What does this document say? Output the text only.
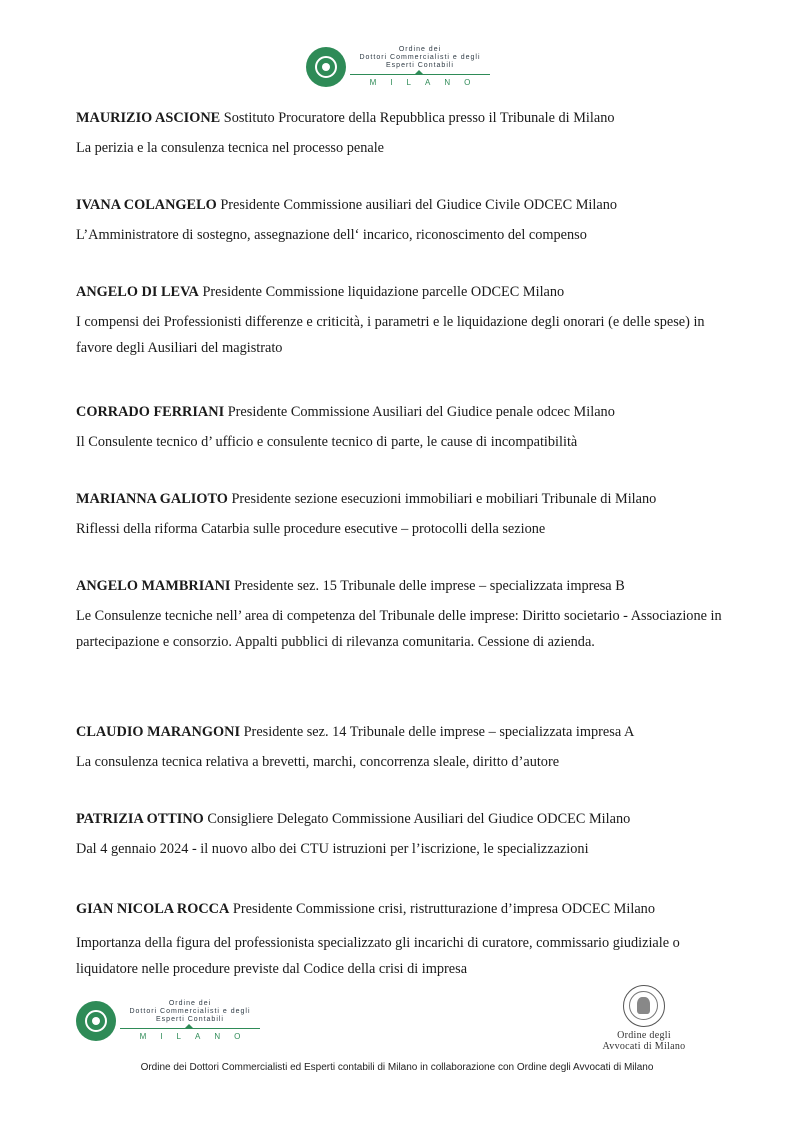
Ordine dei
Dottori Commercialisti e degli
Esperti Contabili
MILANO
MAURIZIO ASCIONE Sostituto Procuratore della Repubblica presso il Tribunale di Milano
La perizia e la consulenza tecnica nel processo penale
IVANA COLANGELO Presidente Commissione ausiliari del Giudice Civile ODCEC Milano
L’Amministratore di sostegno, assegnazione dell‘ incarico, riconoscimento del compenso
ANGELO DI LEVA Presidente Commissione liquidazione parcelle ODCEC Milano
I compensi dei Professionisti differenze e criticità, i parametri e le liquidazione degli onorari (e delle spese) in favore degli Ausiliari del magistrato
CORRADO FERRIANI Presidente Commissione Ausiliari del Giudice penale odcec Milano
Il Consulente tecnico d’ ufficio e consulente tecnico di parte, le cause di incompatibilità
MARIANNA GALIOTO Presidente sezione esecuzioni immobiliari e mobiliari Tribunale di Milano
Riflessi della riforma Catarbia sulle procedure esecutive – protocolli della sezione
ANGELO MAMBRIANI Presidente sez. 15 Tribunale delle imprese – specializzata impresa B
Le Consulenze tecniche nell’ area di competenza del Tribunale delle imprese: Diritto societario - Associazione in partecipazione e consorzio. Appalti pubblici di rilevanza comunitaria. Cessione di azienda.
CLAUDIO MARANGONI Presidente sez. 14 Tribunale delle imprese – specializzata impresa A
La consulenza tecnica relativa a brevetti, marchi, concorrenza sleale, diritto d’autore
PATRIZIA OTTINO Consigliere Delegato Commissione Ausiliari del Giudice ODCEC Milano
Dal 4 gennaio 2024 - il nuovo albo dei CTU istruzioni per l’iscrizione, le specializzazioni
GIAN NICOLA ROCCA Presidente Commissione crisi, ristrutturazione d’impresa ODCEC Milano
Importanza della figura del professionista specializzato gli incarichi di curatore, commissario giudiziale o liquidatore nelle procedure previste dal Codice della crisi di impresa
Ordine dei
Dottori Commercialisti e degli
Esperti Contabili
MILANO	Ordine degli
Avvocati di Milano
Ordine dei Dottori Commercialisti ed Esperti contabili di Milano in collaborazione con Ordine degli Avvocati di Milano
